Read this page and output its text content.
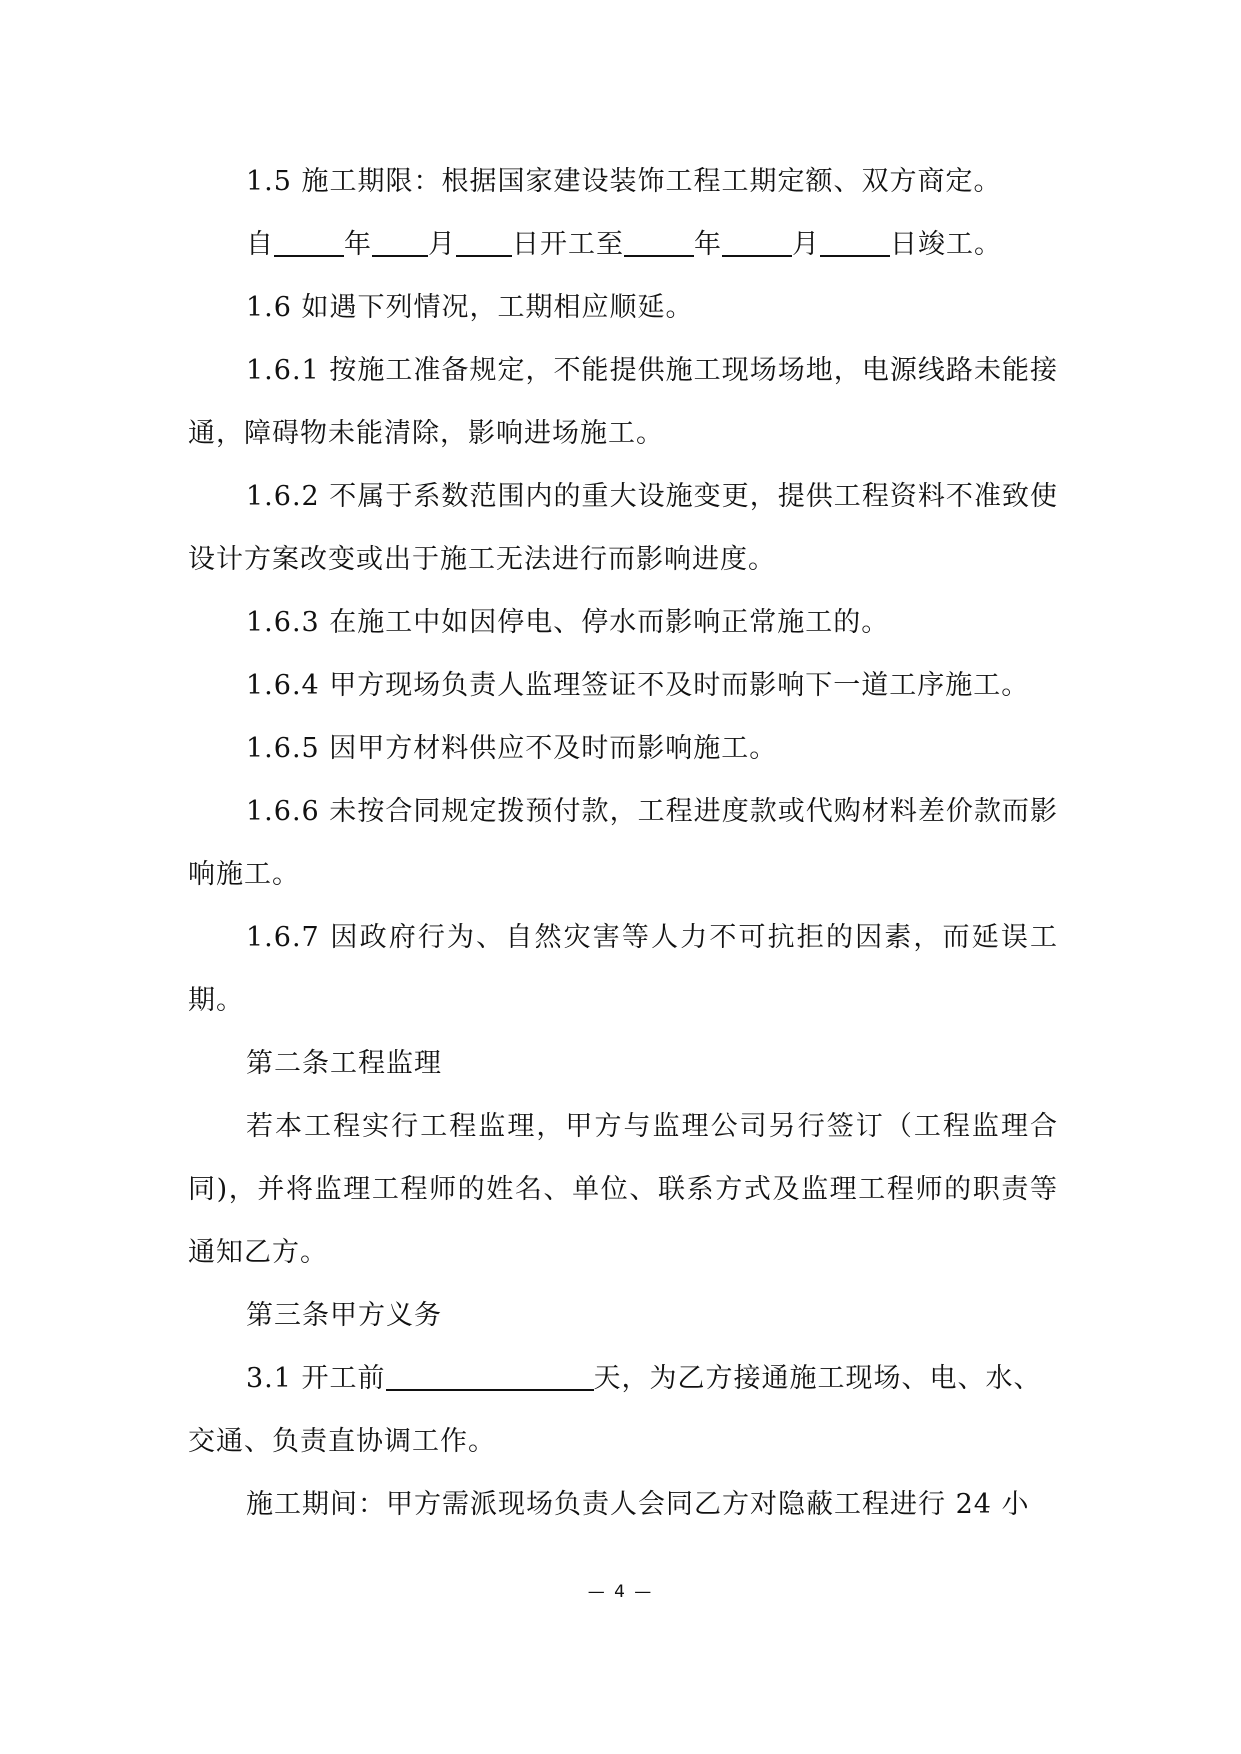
1.5 施工期限：根据国家建设装饰工程工期定额、双方商定。

自	年 月 日开工至	年	月	日竣工。

1.6 如遇下列情况，工期相应顺延。

1.6.1 按施工准备规定，不能提供施工现场场地，电源线路未能接通，障碍物未能清除，影响进场施工。

1.6.2 不属于系数范围内的重大设施变更，提供工程资料不准致使设计方案改变或出于施工无法进行而影响进度。

1.6.3 在施工中如因停电、停水而影响正常施工的。

1.6.4 甲方现场负责人监理签证不及时而影响下一道工序施工。

1.6.5 因甲方材料供应不及时而影响施工。

1.6.6 未按合同规定拨预付款，工程进度款或代购材料差价款而影响施工。

1.6.7 因政府行为、自然灾害等人力不可抗拒的因素，而延误工期。

第二条工程监理

若本工程实行工程监理，甲方与监理公司另行签订（工程监理合同)，并将监理工程师的姓名、单位、联系方式及监理工程师的职责等通知乙方。

第三条甲方义务

3.1 开工前	天，为乙方接通施工现场、电、水、

交通、负责直协调工作。

施工期间：甲方需派现场负责人会同乙方对隐蔽工程进行 24 小

— 4 —
